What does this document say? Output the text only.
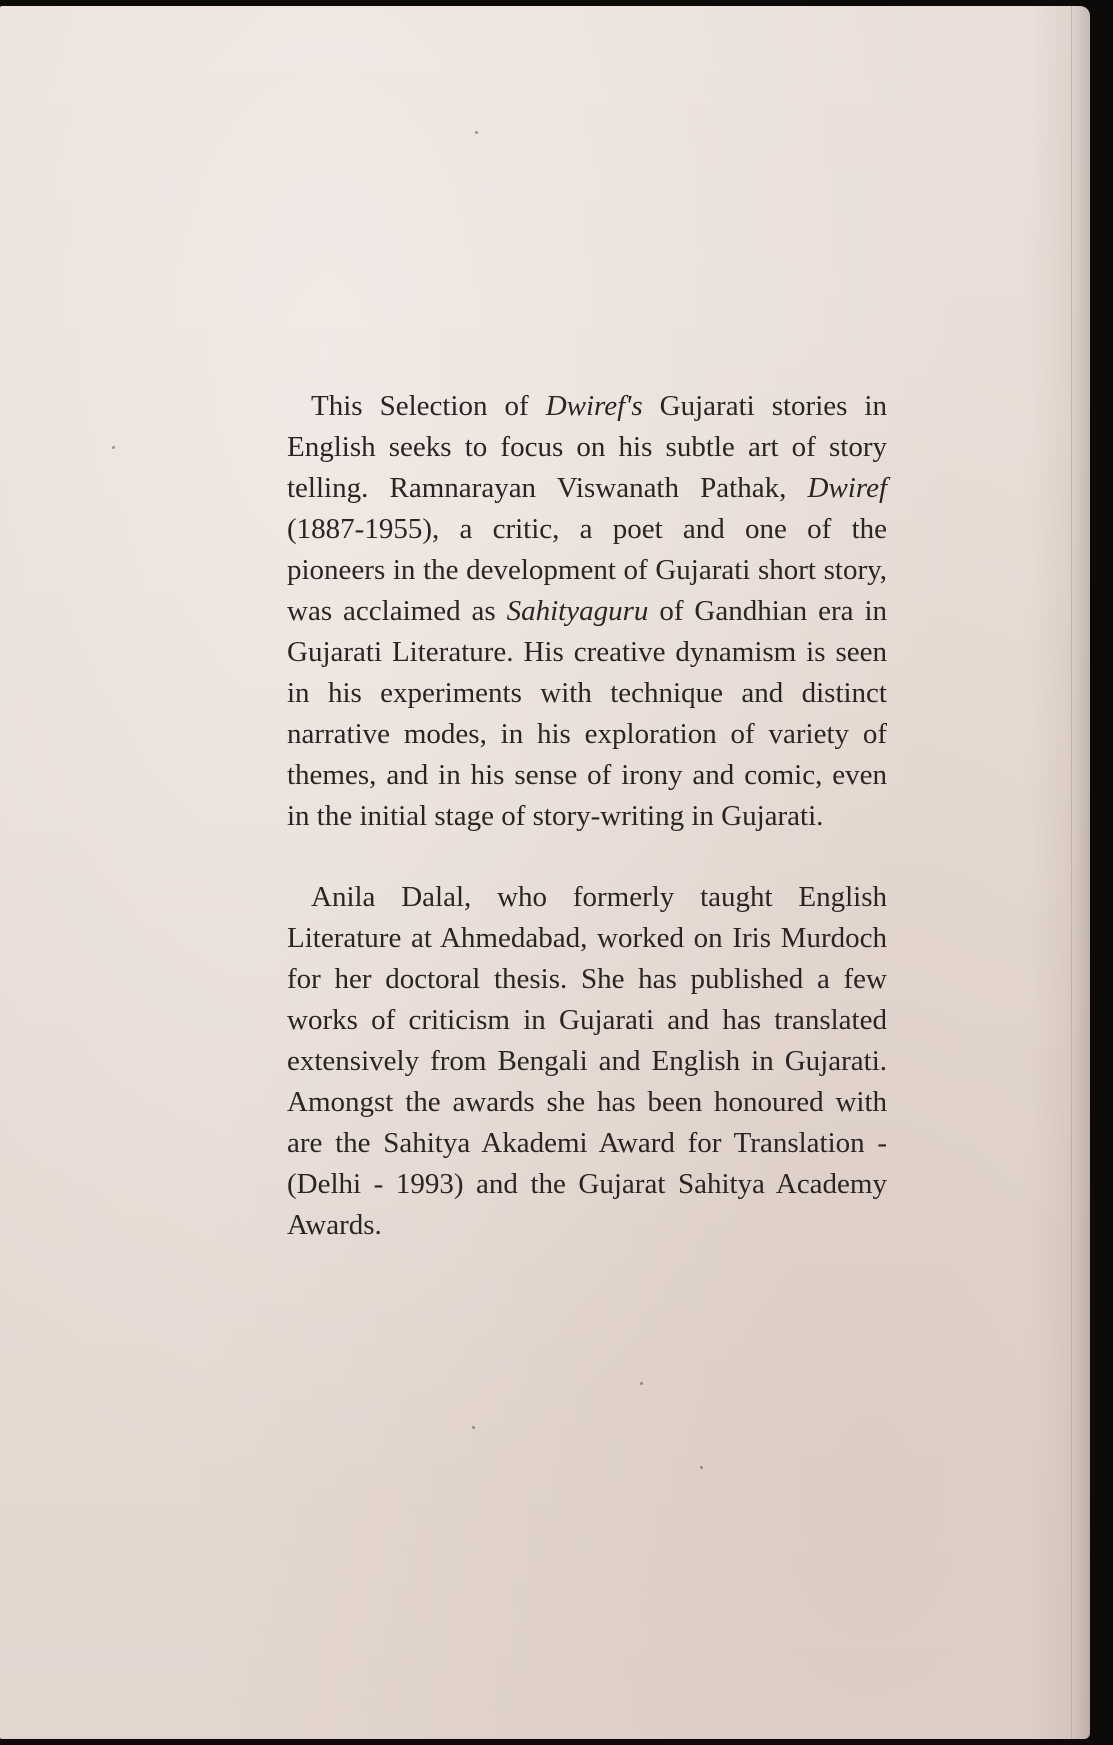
This Selection of Dwiref's Gujarati stories in English seeks to focus on his subtle art of story telling. Ramnarayan Viswanath Pathak, Dwiref (1887-1955), a critic, a poet and one of the pioneers in the development of Gujarati short story, was acclaimed as Sahityaguru of Gandhian era in Gujarati Literature. His creative dynamism is seen in his experiments with technique and distinct narrative modes, in his exploration of variety of themes, and in his sense of irony and comic, even in the initial stage of story-writing in Gujarati.

Anila Dalal, who formerly taught English Literature at Ahmedabad, worked on Iris Murdoch for her doctoral thesis. She has published a few works of criticism in Gujarati and has translated extensively from Bengali and English in Gujarati. Amongst the awards she has been honoured with are the Sahitya Akademi Award for Translation - (Delhi - 1993) and the Gujarat Sahitya Academy Awards.
